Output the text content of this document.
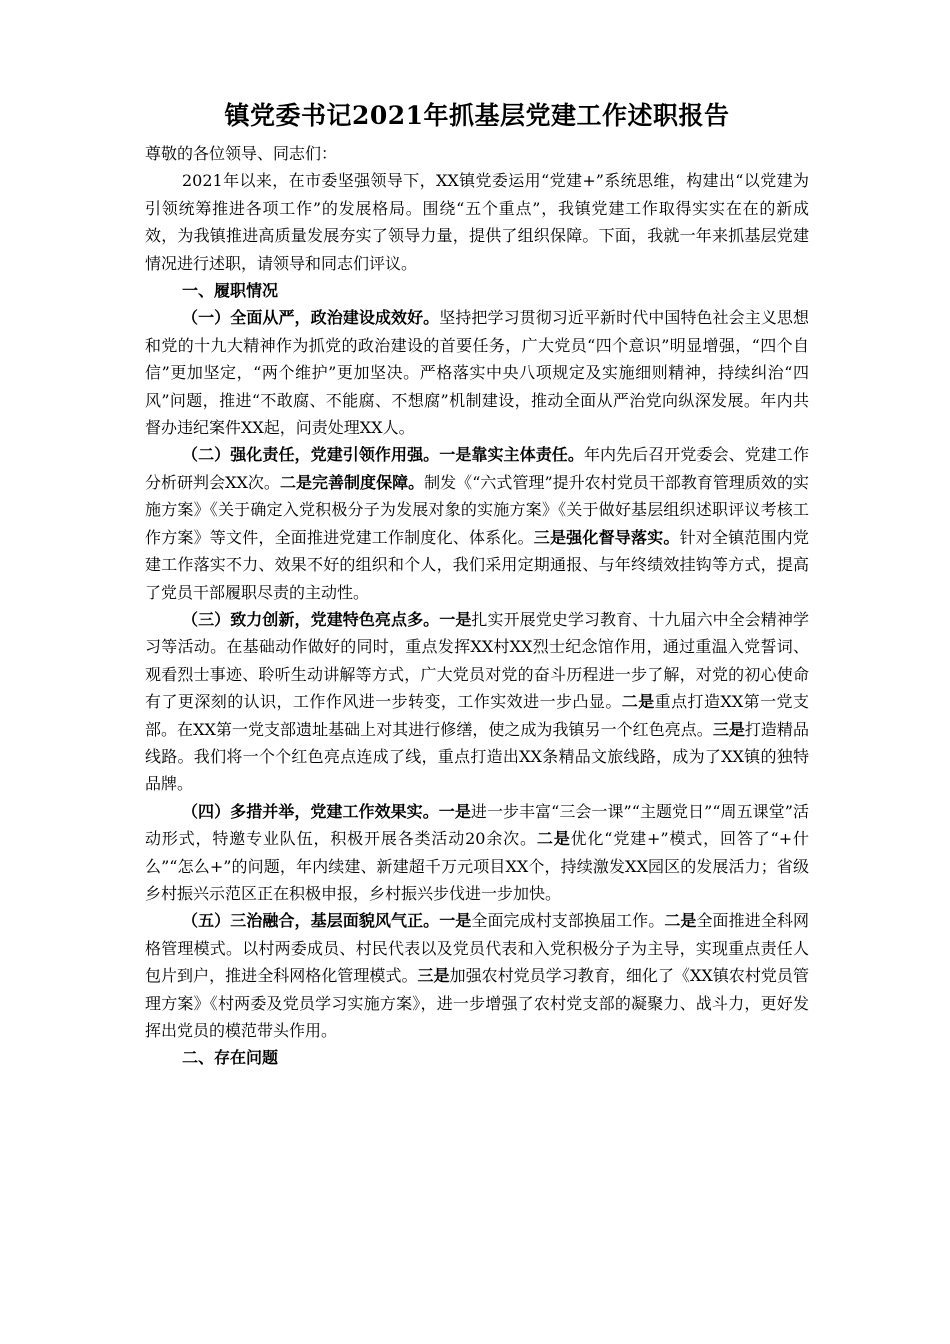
镇党委书记2021年抓基层党建工作述职报告

尊敬的各位领导、同志们：

2021年以来，在市委坚强领导下，XX镇党委运用“党建+”系统思维，构建出“以党建为引领统筹推进各项工作”的发展格局。围绕“五个重点”，我镇党建工作取得实实在在的新成效，为我镇推进高质量发展夯实了领导力量，提供了组织保障。下面，我就一年来抓基层党建情况进行述职，请领导和同志们评议。

一、履职情况

（一）全面从严，政治建设成效好。坚持把学习贯彻习近平新时代中国特色社会主义思想和党的十九大精神作为抓党的政治建设的首要任务，广大党员“四个意识”明显增强，“四个自信”更加坚定，“两个维护”更加坚决。严格落实中央八项规定及实施细则精神，持续纠治“四风”问题，推进“不敢腐、不能腐、不想腐”机制建设，推动全面从严治党向纵深发展。年内共督办违纪案件XX起，问责处理XX人。

（二）强化责任，党建引领作用强。一是靠实主体责任。年内先后召开党委会、党建工作分析研判会XX次。二是完善制度保障。制发《“六式管理”提升农村党员干部教育管理质效的实施方案》《关于确定入党积极分子为发展对象的实施方案》《关于做好基层组织述职评议考核工作方案》等文件，全面推进党建工作制度化、体系化。三是强化督导落实。针对全镇范围内党建工作落实不力、效果不好的组织和个人，我们采用定期通报、与年终绩效挂钩等方式，提高了党员干部履职尽责的主动性。

（三）致力创新，党建特色亮点多。一是扎实开展党史学习教育、十九届六中全会精神学习等活动。在基础动作做好的同时，重点发挥XX村XX烈士纪念馆作用，通过重温入党誓词、观看烈士事迹、聆听生动讲解等方式，广大党员对党的奋斗历程进一步了解，对党的初心使命有了更深刻的认识，工作作风进一步转变，工作实效进一步凸显。二是重点打造XX第一党支部。在XX第一党支部遗址基础上对其进行修缮，使之成为我镇另一个红色亮点。三是打造精品线路。我们将一个个红色亮点连成了线，重点打造出XX条精品文旅线路，成为了XX镇的独特品牌。

（四）多措并举，党建工作效果实。一是进一步丰富“三会一课”“主题党日”“周五课堂”活动形式，特邀专业队伍，积极开展各类活动20余次。二是优化“党建+”模式，回答了“+什么”“怎么+”的问题，年内续建、新建超千万元项目XX个，持续激发XX园区的发展活力；省级乡村振兴示范区正在积极申报，乡村振兴步伐进一步加快。

（五）三治融合，基层面貌风气正。一是全面完成村支部换届工作。二是全面推进全科网格管理模式。以村两委成员、村民代表以及党员代表和入党积极分子为主导，实现重点责任人包片到户，推进全科网格化管理模式。三是加强农村党员学习教育，细化了《XX镇农村党员管理方案》《村两委及党员学习实施方案》，进一步增强了农村党支部的凝聚力、战斗力，更好发挥出党员的模范带头作用。

二、存在问题
